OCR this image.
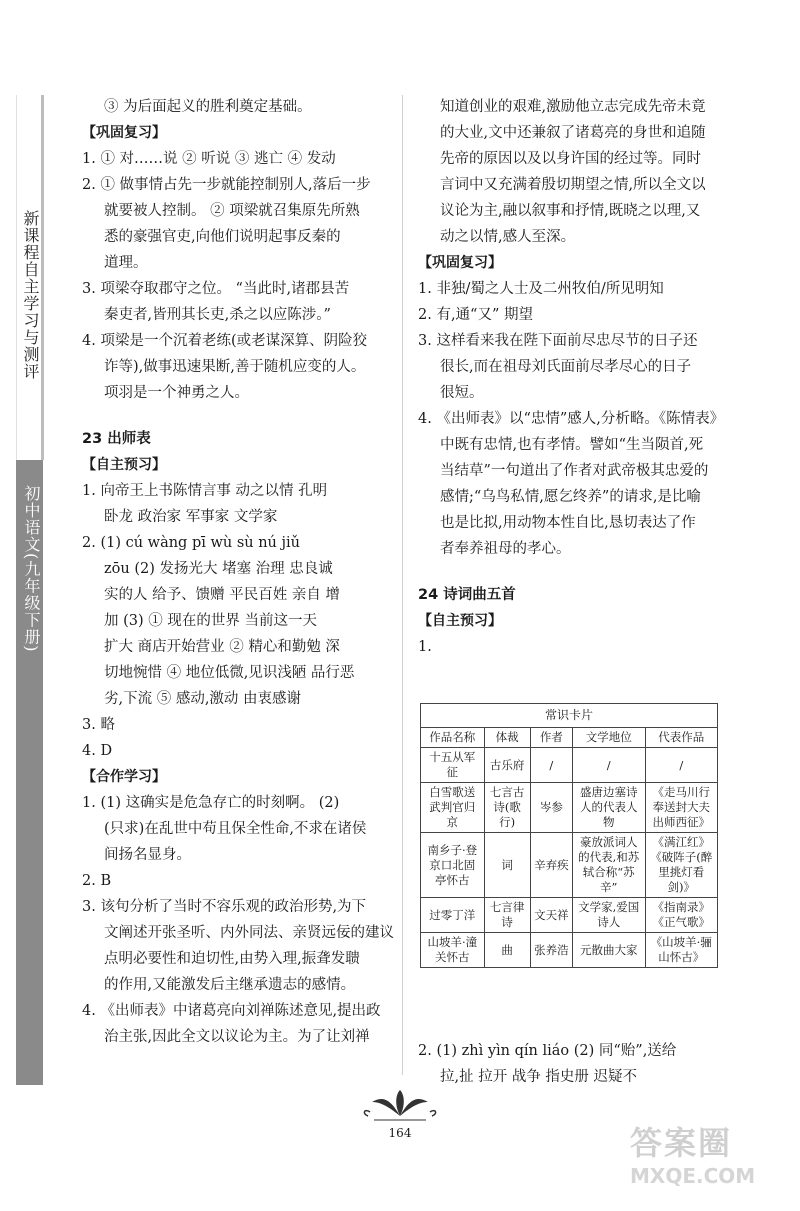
新课程自主学习与测评
初中语文(九年级下册)
③ 为后面起义的胜利奠定基础。
【巩固复习】
1. ① 对……说 ② 听说 ③ 逃亡 ④ 发动
2. ① 做事情占先一步就能控制别人,落后一步
就要被人控制。 ② 项梁就召集原先所熟
悉的豪强官吏,向他们说明起事反秦的
道理。
3. 项梁夺取郡守之位。 “当此时,诸郡县苦
秦吏者,皆刑其长吏,杀之以应陈涉。”
4. 项梁是一个沉着老练(或老谋深算、阴险狡
诈等),做事迅速果断,善于随机应变的人。
项羽是一个神勇之人。
23 出师表
【自主预习】
1. 向帝王上书陈情言事 动之以情 孔明
卧龙 政治家 军事家 文学家
2. (1) cú wàng pī wù sù nú jiǔ
zōu (2) 发扬光大 堵塞 治理 忠良诚
实的人 给予、馈赠 平民百姓 亲自 增
加 (3) ① 现在的世界 当前这一天
扩大 商店开始营业 ② 精心和勤勉 深
切地惋惜 ④ 地位低微,见识浅陋 品行恶
劣,下流 ⑤ 感动,激动 由衷感谢
3. 略
4. D
【合作学习】
1. (1) 这确实是危急存亡的时刻啊。 (2)
(只求)在乱世中苟且保全性命,不求在诸侯
间扬名显身。
2. B
3. 该句分析了当时不容乐观的政治形势,为下
文阐述开张圣听、内外同法、亲贤远佞的建议
点明必要性和迫切性,由势入理,振聋发聩
的作用,又能激发后主继承遗志的感情。
4. 《出师表》中诸葛亮向刘禅陈述意见,提出政
治主张,因此全文以议论为主。为了让刘禅
知道创业的艰难,激励他立志完成先帝未竟
的大业,文中还兼叙了诸葛亮的身世和追随
先帝的原因以及以身许国的经过等。同时
言词中又充满着殷切期望之情,所以全文以
议论为主,融以叙事和抒情,既晓之以理,又
动之以情,感人至深。
【巩固复习】
1. 非独/蜀之人士及二州牧伯/所见明知
2. 有,通“又” 期望
3. 这样看来我在陛下面前尽忠尽节的日子还
很长,而在祖母刘氏面前尽孝尽心的日子
很短。
4. 《出师表》以“忠情”感人,分析略。《陈情表》
中既有忠情,也有孝情。譬如“生当陨首,死
当结草”一句道出了作者对武帝极其忠爱的
感情;“乌鸟私情,愿乞终养”的请求,是比喻
也是比拟,用动物本性自比,恳切表达了作
者奉养祖母的孝心。
24 诗词曲五首
【自主预习】
1.
常识卡片				
作品名称	体裁	作者	文学地位	代表作品
十五从军征	古乐府	/	/	/
白雪歌送武判官归京	七言古诗(歌行)	岑参	盛唐边塞诗人的代表人物	《走马川行奉送封大夫出师西征》
南乡子·登京口北固亭怀古	词	辛弃疾	豪放派词人的代表,和苏轼合称“苏辛”	《满江红》《破阵子(醉里挑灯看剑)》
过零丁洋	七言律诗	文天祥	文学家,爱国诗人	《指南录》《正气歌》
山坡羊·潼关怀古	曲	张养浩	元散曲大家	《山坡羊·骊山怀古》
2. (1) zhì yìn qín liáo (2) 同“贻”,送给
拉,扯 拉开 战争 指史册 迟疑不
164	答案圈
MXQE.COM
